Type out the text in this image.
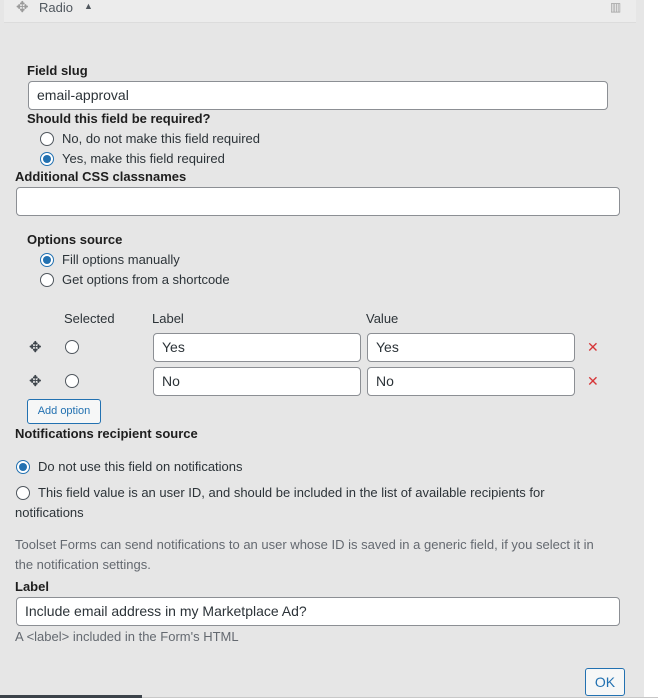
✥ Radio ▲	▥
Field slug
email-approval
Should this field be required?
No, do not make this field required
Yes, make this field required
Additional CSS classnames
Options source
Fill options manually
Get options from a shortcode
Selected	Label	Value
✥	Yes	Yes	✕
✥	No	No	✕
Add option
Notifications recipient source
Do not use this field on notifications
This field value is an user ID, and should be included in the list of available recipients for
notifications
Toolset Forms can send notifications to an user whose ID is saved in a generic field, if you select it in
the notification settings.
Label
Include email address in my Marketplace Ad?
A <label> included in the Form's HTML
OK
